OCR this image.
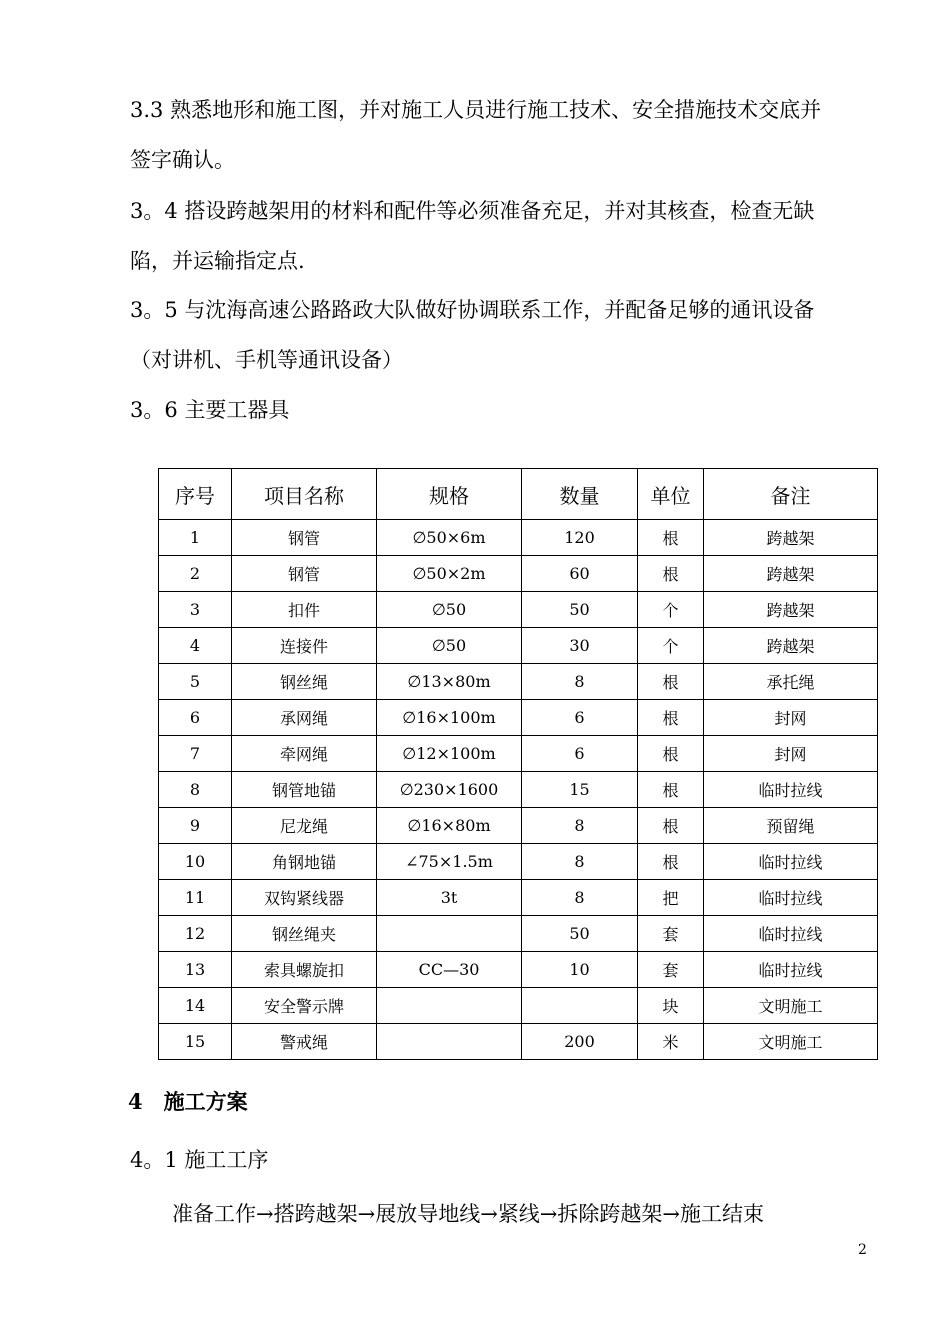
3.3 熟悉地形和施工图，并对施工人员进行施工技术、安全措施技术交底并
签字确认。
3。4 搭设跨越架用的材料和配件等必须准备充足，并对其核查，检查无缺
陷，并运输指定点.
3。5 与沈海高速公路路政大队做好协调联系工作，并配备足够的通讯设备
（对讲机、手机等通讯设备）
3。6 主要工器具
序号	项目名称	规格	数量	单位	备注
1	钢管	∅50×6m	120	根	跨越架
2	钢管	∅50×2m	60	根	跨越架
3	扣件	∅50	50	个	跨越架
4	连接件	∅50	30	个	跨越架
5	钢丝绳	∅13×80m	8	根	承托绳
6	承网绳	∅16×100m	6	根	封网
7	牵网绳	∅12×100m	6	根	封网
8	钢管地锚	∅230×1600	15	根	临时拉线
9	尼龙绳	∅16×80m	8	根	预留绳
10	角钢地锚	∠75×1.5m	8	根	临时拉线
11	双钩紧线器	3t	8	把	临时拉线
12	钢丝绳夹		50	套	临时拉线
13	索具螺旋扣	CC—30	10	套	临时拉线
14	安全警示牌			块	文明施工
15	警戒绳		200	米	文明施工
4　施工方案
4。1 施工工序
准备工作→搭跨越架→展放导地线→紧线→拆除跨越架→施工结束
2
